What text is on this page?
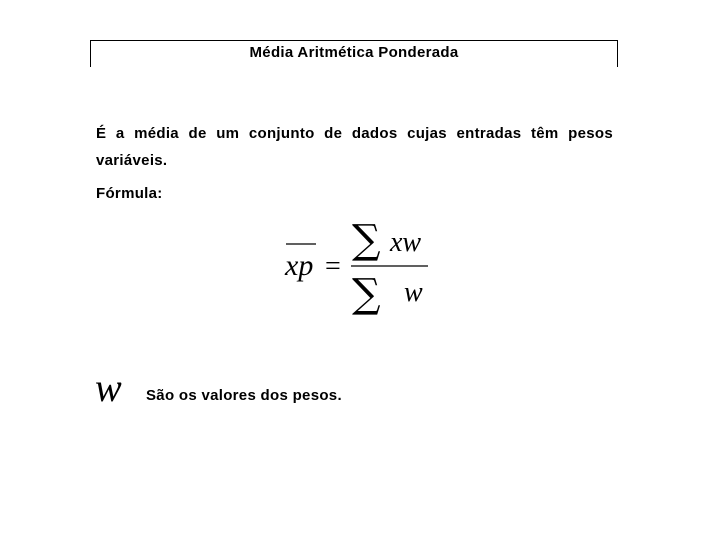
Média Aritmética Ponderada

É a média de um conjunto de dados cujas entradas têm pesos variáveis.

Fórmula:
xp =
∑ xw
∑ w
w São os valores dos pesos.
